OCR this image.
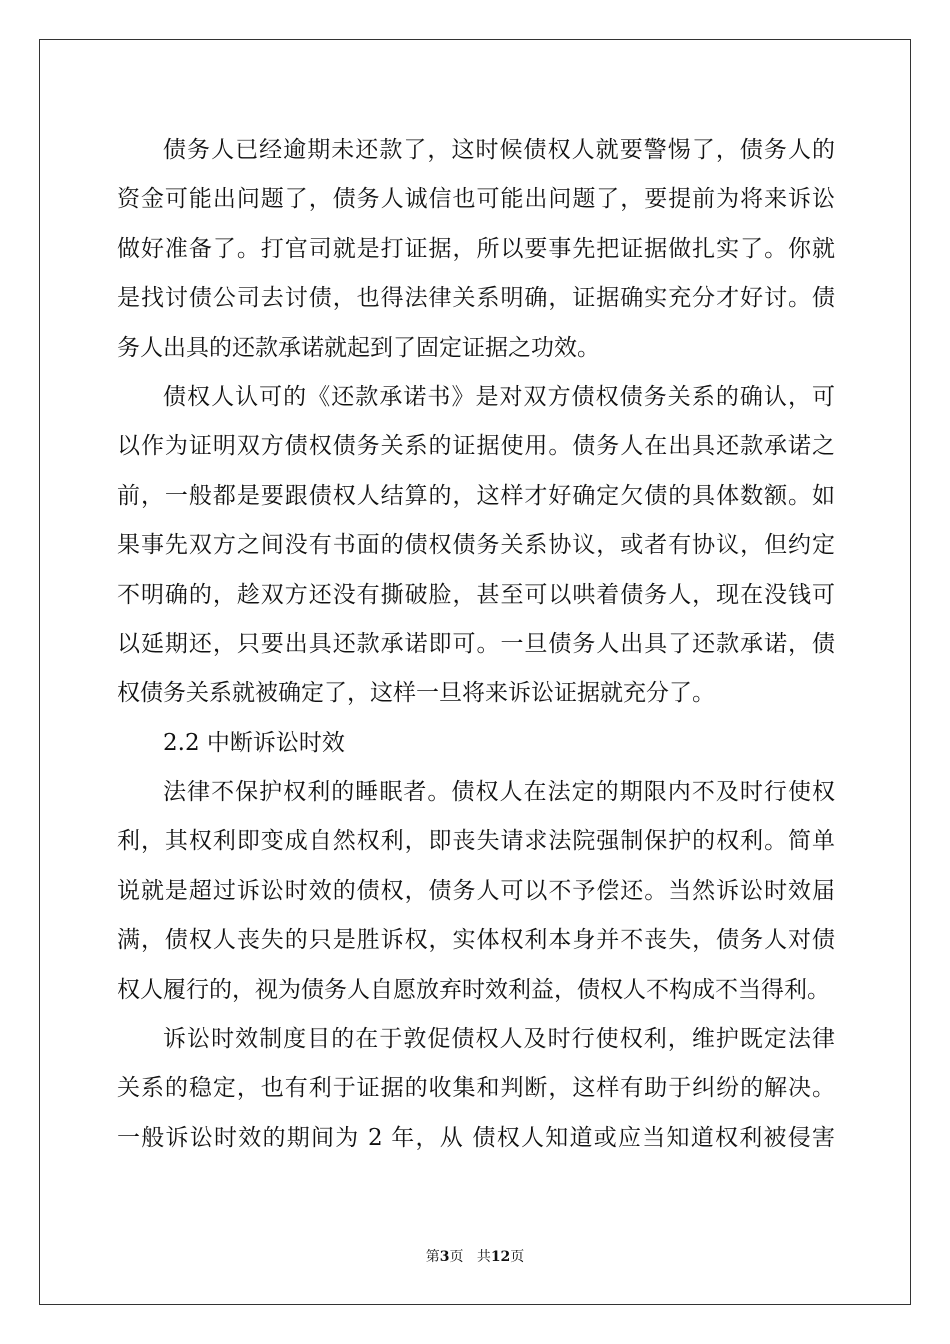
债务人已经逾期未还款了，这时候债权人就要警惕了，债务人的
资金可能出问题了，债务人诚信也可能出问题了，要提前为将来诉讼
做好准备了。打官司就是打证据，所以要事先把证据做扎实了。你就
是找讨债公司去讨债，也得法律关系明确，证据确实充分才好讨。债
务人出具的还款承诺就起到了固定证据之功效。
债权人认可的《还款承诺书》是对双方债权债务关系的确认，可
以作为证明双方债权债务关系的证据使用。债务人在出具还款承诺之
前，一般都是要跟债权人结算的，这样才好确定欠债的具体数额。如
果事先双方之间没有书面的债权债务关系协议，或者有协议，但约定
不明确的，趁双方还没有撕破脸，甚至可以哄着债务人，现在没钱可
以延期还，只要出具还款承诺即可。一旦债务人出具了还款承诺，债
权债务关系就被确定了，这样一旦将来诉讼证据就充分了。
2.2 中断诉讼时效
法律不保护权利的睡眠者。债权人在法定的期限内不及时行使权
利，其权利即变成自然权利，即丧失请求法院强制保护的权利。简单
说就是超过诉讼时效的债权，债务人可以不予偿还。当然诉讼时效届
满，债权人丧失的只是胜诉权，实体权利本身并不丧失，债务人对债
权人履行的，视为债务人自愿放弃时效利益，债权人不构成不当得利。
诉讼时效制度目的在于敦促债权人及时行使权利，维护既定法律
关系的稳定，也有利于证据的收集和判断，这样有助于纠纷的解决。
一般诉讼时效的期间为 2 年，从 债权人知道或应当知道权利被侵害
第3页 共12页
